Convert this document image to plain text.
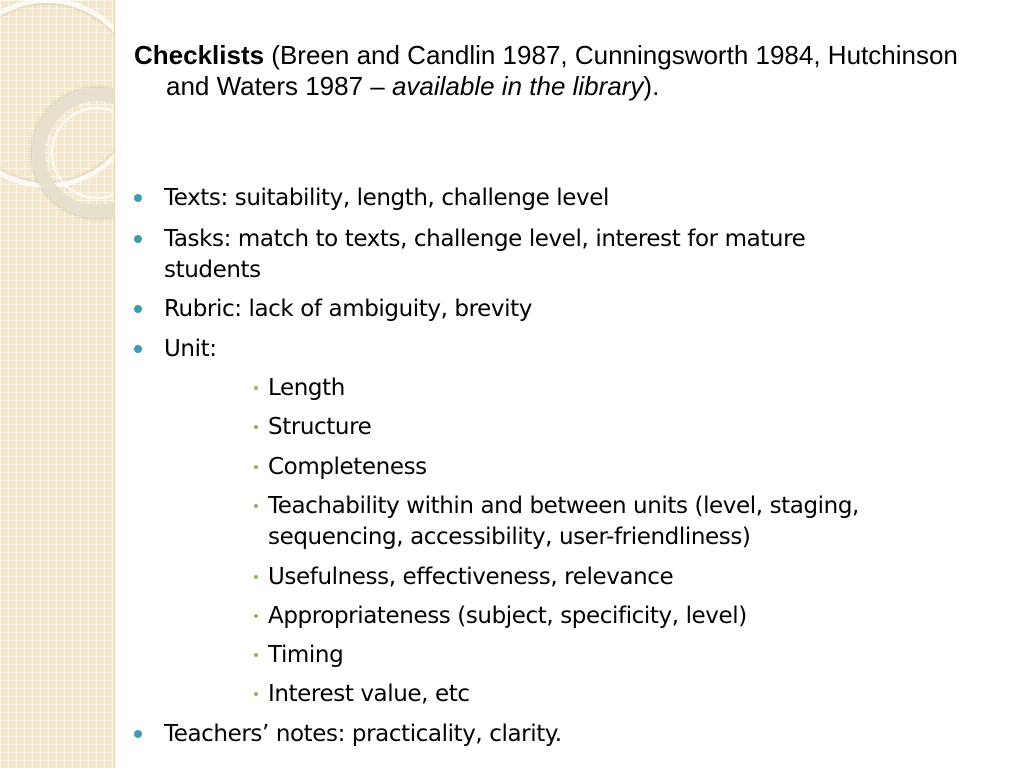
Checklists (Breen and Candlin 1987, Cunningsworth 1984, Hutchinson and Waters 1987 – available in the library).
Texts: suitability, length, challenge level
Tasks: match to texts, challenge level, interest for mature
students
Rubric: lack of ambiguity, brevity
Unit:
Length
Structure
Completeness
Teachability within and between units (level, staging,
sequencing, accessibility, user-friendliness)
Usefulness, effectiveness, relevance
Appropriateness (subject, specificity, level)
Timing
Interest value, etc
Teachers’ notes: practicality, clarity.
